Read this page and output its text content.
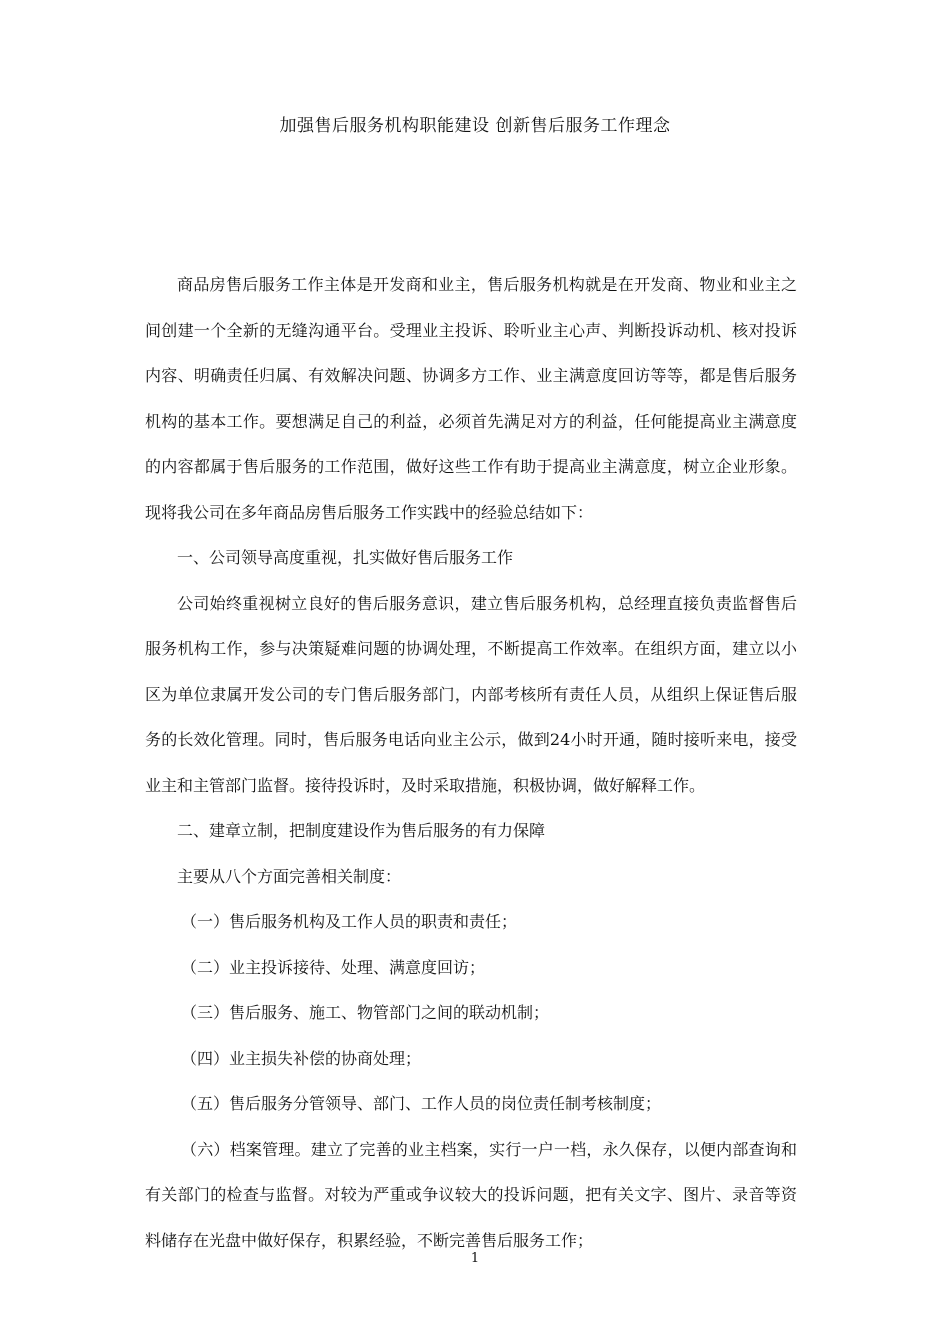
加强售后服务机构职能建设 创新售后服务工作理念

商品房售后服务工作主体是开发商和业主，售后服务机构就是在开发商、物业和业主之间创建一个全新的无缝沟通平台。受理业主投诉、聆听业主心声、判断投诉动机、核对投诉内容、明确责任归属、有效解决问题、协调多方工作、业主满意度回访等等，都是售后服务机构的基本工作。要想满足自己的利益，必须首先满足对方的利益，任何能提高业主满意度的内容都属于售后服务的工作范围，做好这些工作有助于提高业主满意度，树立企业形象。现将我公司在多年商品房售后服务工作实践中的经验总结如下：

一、公司领导高度重视，扎实做好售后服务工作

公司始终重视树立良好的售后服务意识，建立售后服务机构，总经理直接负责监督售后服务机构工作，参与决策疑难问题的协调处理，不断提高工作效率。在组织方面，建立以小区为单位隶属开发公司的专门售后服务部门，内部考核所有责任人员，从组织上保证售后服务的长效化管理。同时，售后服务电话向业主公示，做到24小时开通，随时接听来电，接受业主和主管部门监督。接待投诉时，及时采取措施，积极协调，做好解释工作。

二、建章立制，把制度建设作为售后服务的有力保障

主要从八个方面完善相关制度：

（一）售后服务机构及工作人员的职责和责任；

（二）业主投诉接待、处理、满意度回访；

（三）售后服务、施工、物管部门之间的联动机制；

（四）业主损失补偿的协商处理；

（五）售后服务分管领导、部门、工作人员的岗位责任制考核制度；

（六）档案管理。建立了完善的业主档案，实行一户一档，永久保存，以便内部查询和有关部门的检查与监督。对较为严重或争议较大的投诉问题，把有关文字、图片、录音等资料储存在光盘中做好保存，积累经验，不断完善售后服务工作；

1
